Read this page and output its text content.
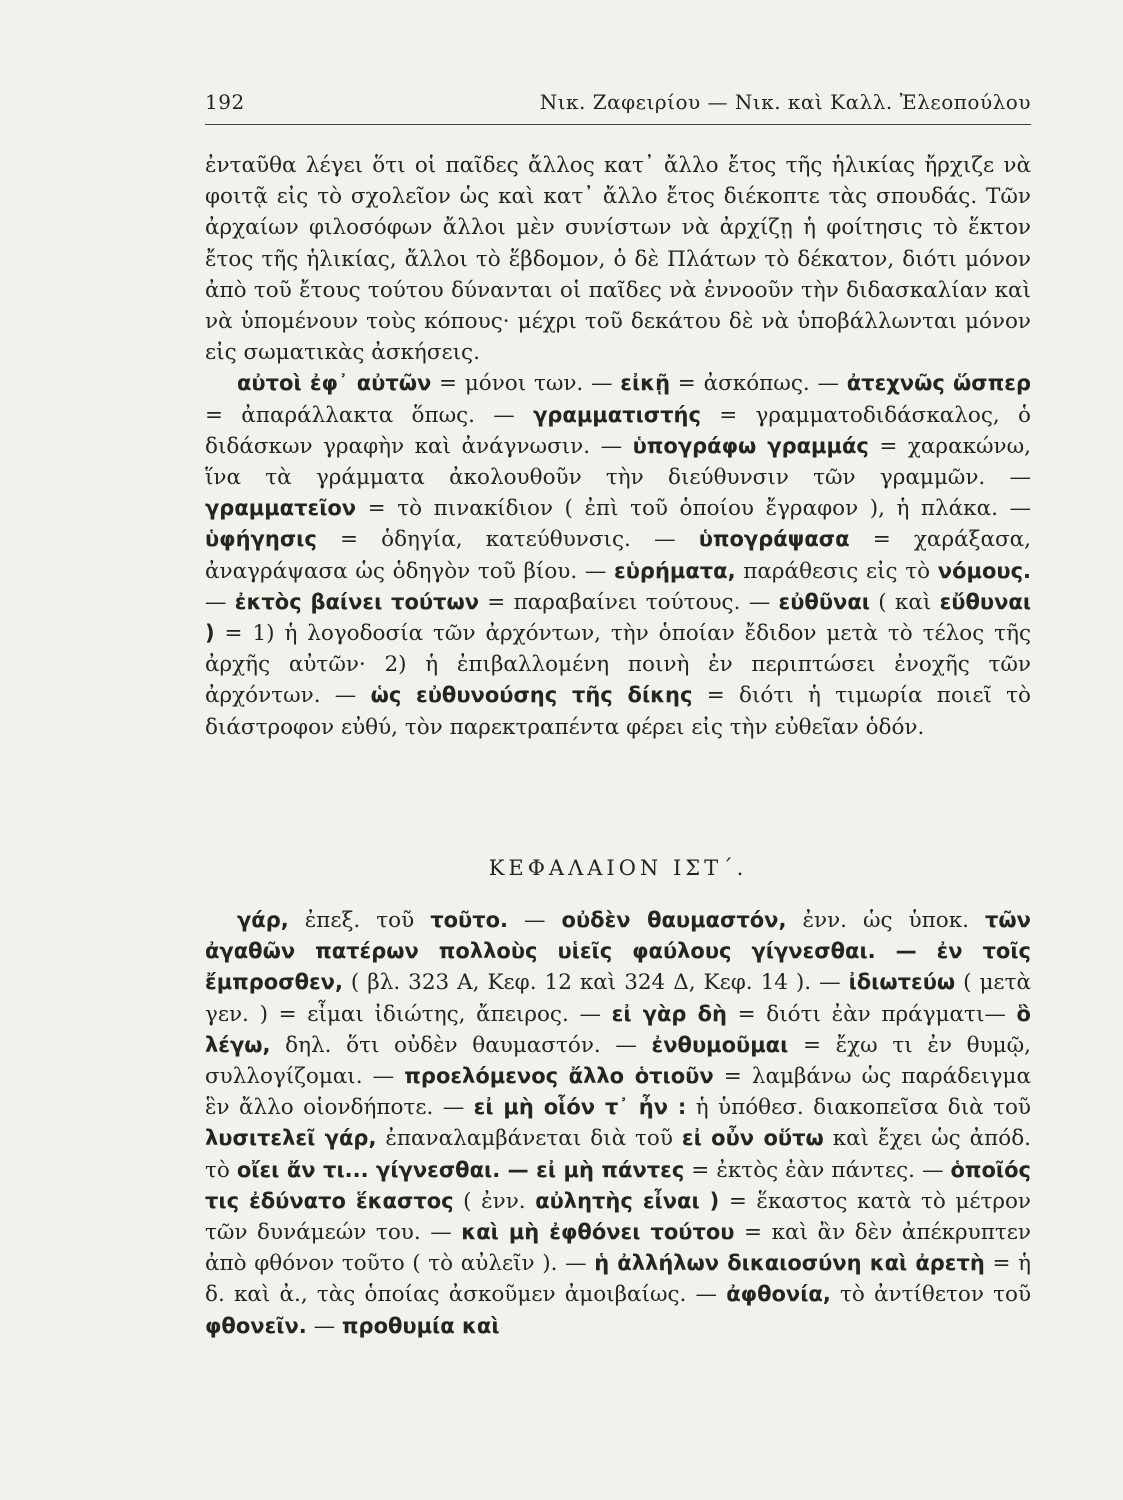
192	Νικ. Ζαφειρίου — Νικ. καὶ Καλλ. Ἐλεοπούλου

ἐνταῦθα λέγει ὅτι οἱ παῖδες ἄλλος κατ᾽ ἄλλο ἔτος τῆς ἡλικίας ἤρχιζε νὰ φοιτᾷ εἰς τὸ σχολεῖον ὡς καὶ κατ᾽ ἄλλο ἔτος διέκοπτε τὰς σπουδάς. Τῶν ἀρχαίων φιλοσόφων ἄλλοι μὲν συνίστων νὰ ἀρχίζῃ ἡ φοίτησις τὸ ἕκτον ἔτος τῆς ἡλικίας, ἄλλοι τὸ ἕβδομον, ὁ δὲ Πλάτων τὸ δέκατον, διότι μόνον ἀπὸ τοῦ ἔτους τούτου δύνανται οἱ παῖδες νὰ ἐννοοῦν τὴν διδασκαλίαν καὶ νὰ ὑπομένουν τοὺς κόπους· μέχρι τοῦ δεκάτου δὲ νὰ ὑποβάλλωνται μόνον εἰς σωματικὰς ἀσκήσεις.

αὐτοὶ ἐφ᾽ αὐτῶν = μόνοι των. — εἰκῇ = ἀσκόπως. — ἀτεχνῶς ὥσπερ = ἀπαράλλακτα ὅπως. — γραμματιστής = γραμματοδιδάσκαλος, ὁ διδάσκων γραφὴν καὶ ἀνάγνωσιν. — ὑπογράφω γραμμάς = χαρακώνω, ἵνα τὰ γράμματα ἀκολουθοῦν τὴν διεύθυνσιν τῶν γραμμῶν. — γραμματεῖον = τὸ πινακίδιον ( ἐπὶ τοῦ ὁποίου ἔγραφον ), ἡ πλάκα. — ὑφήγησις = ὁδηγία, κατεύθυνσις. — ὑπογράψασα = χαράξασα, ἀναγράψασα ὡς ὁδηγὸν τοῦ βίου. — εὑρήματα, παράθεσις εἰς τὸ νόμους. — ἐκτὸς βαίνει τούτων = παραβαίνει τούτους. — εὐθῦναι ( καὶ εὔθυναι ) = 1) ἡ λογοδοσία τῶν ἀρχόντων, τὴν ὁποίαν ἔδιδον μετὰ τὸ τέλος τῆς ἀρχῆς αὐτῶν· 2) ἡ ἐπιβαλλομένη ποινὴ ἐν περιπτώσει ἐνοχῆς τῶν ἀρχόντων. — ὡς εὐθυνούσης τῆς δίκης = διότι ἡ τιμωρία ποιεῖ τὸ διάστροφον εὐθύ, τὸν παρεκτραπέντα φέρει εἰς τὴν εὐθεῖαν ὁδόν.

ΚΕΦΑΛΑΙΟΝ ΙΣΤ΄.

γάρ, ἐπεξ. τοῦ τοῦτο. — οὐδὲν θαυμαστόν, ἐνν. ὡς ὑποκ. τῶν ἀγαθῶν πατέρων πολλοὺς υἱεῖς φαύλους γίγνεσθαι. — ἐν τοῖς ἔμπροσθεν, ( βλ. 323 Α, Κεφ. 12 καὶ 324 Δ, Κεφ. 14 ). — ἰδιωτεύω ( μετὰ γεν. ) = εἶμαι ἰδιώτης, ἄπειρος. — εἰ γὰρ δὴ = διότι ἐὰν πράγματι— ὃ λέγω, δηλ. ὅτι οὐδὲν θαυμαστόν. — ἐνθυμοῦμαι = ἔχω τι ἐν θυμῷ, συλλογίζομαι. — προελόμενος ἄλλο ὁτιοῦν = λαμβάνω ὡς παράδειγμα ἓν ἄλλο οἱονδήποτε. — εἰ μὴ οἷόν τ᾽ ἦν : ἡ ὑπόθεσ. διακοπεῖσα διὰ τοῦ λυσιτελεῖ γάρ, ἐπαναλαμβάνεται διὰ τοῦ εἰ οὖν οὕτω καὶ ἔχει ὡς ἀπόδ. τὸ οἴει ἄν τι... γίγνεσθαι. — εἰ μὴ πάντες = ἐκτὸς ἐὰν πάντες. — ὁποῖός τις ἐδύνατο ἕκαστος ( ἐνν. αὐλητὴς εἶναι ) = ἕκαστος κατὰ τὸ μέτρον τῶν δυνάμεών του. — καὶ μὴ ἐφθόνει τούτου = καὶ ἂν δὲν ἀπέκρυπτεν ἀπὸ φθόνον τοῦτο ( τὸ αὐλεῖν ). — ἡ ἀλλήλων δικαιοσύνη καὶ ἀρετὴ = ἡ δ. καὶ ἀ., τὰς ὁποίας ἀσκοῦμεν ἀμοιβαίως. — ἀφθονία, τὸ ἀντίθετον τοῦ φθονεῖν. — προθυμία καὶ
